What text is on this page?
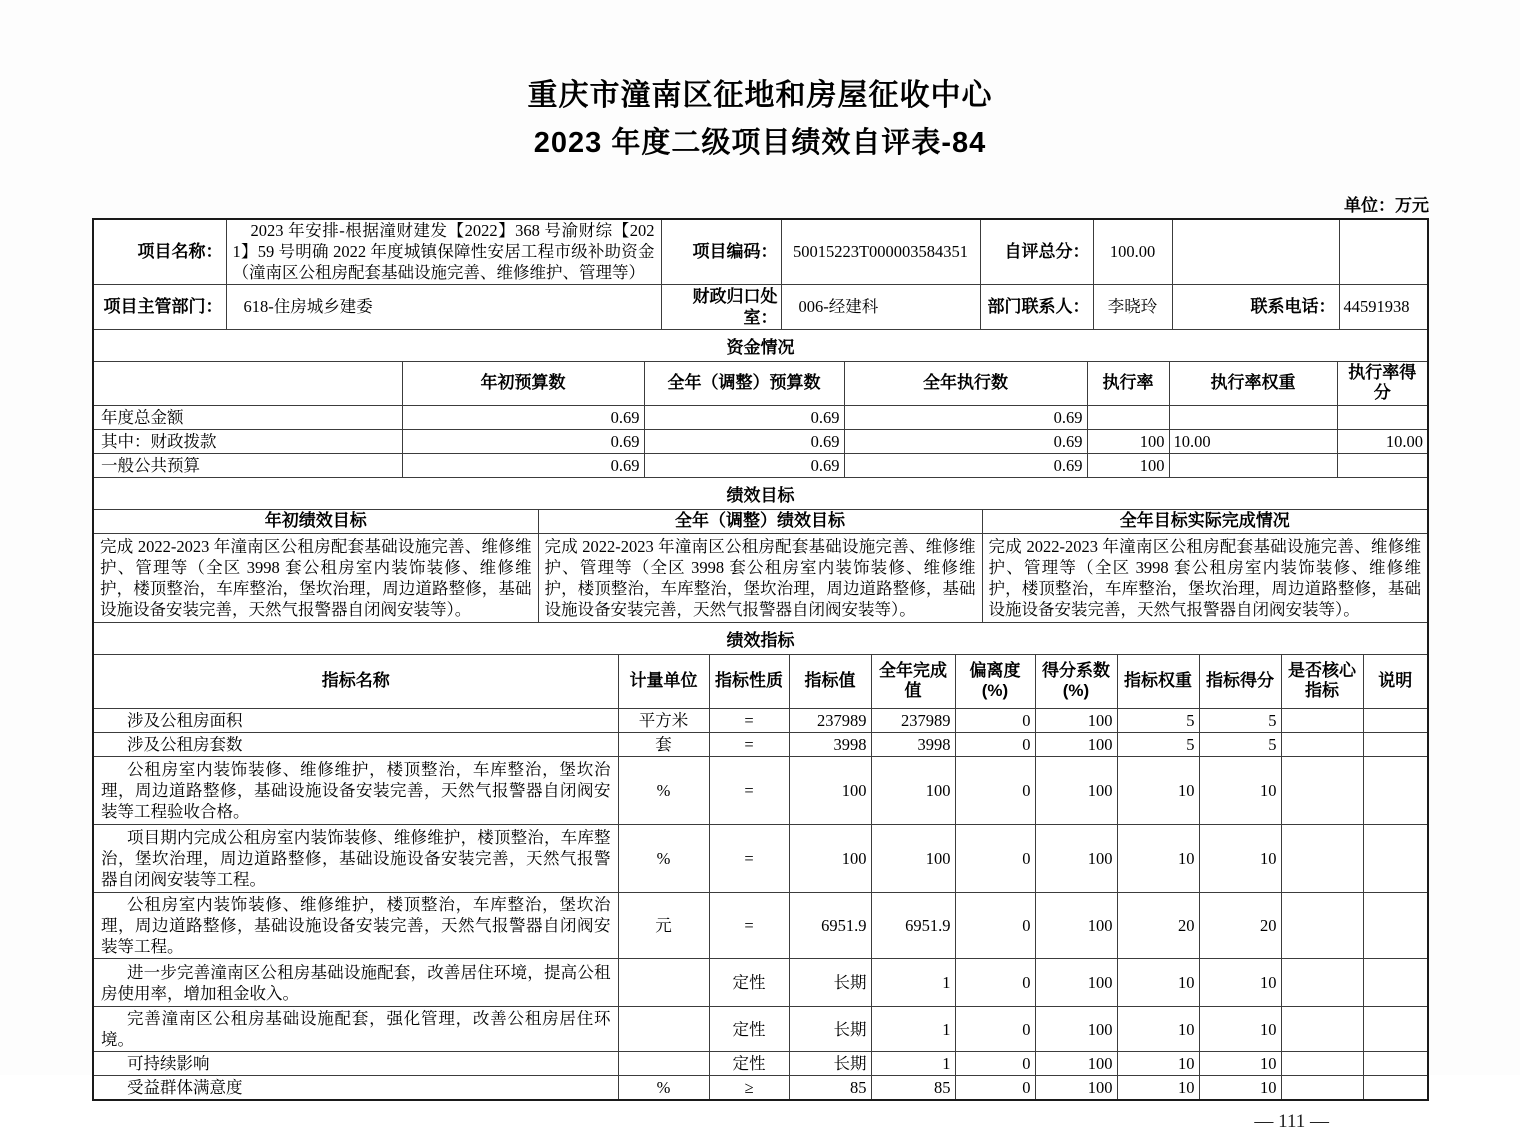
重庆市潼南区征地和房屋征收中心
2023 年度二级项目绩效自评表-84
单位：万元
项目名称：	2023 年安排-根据潼财建发【2022】368 号渝财综【2021】59 号明确 2022 年度城镇保障性安居工程市级补助资金（潼南区公租房配套基础设施完善、维修维护、管理等）	项目编码：	50015223T000003584351	自评总分：	100.00		
项目主管部门：	618-住房城乡建委	财政归口处室：	006-经建科	部门联系人：	李晓玲	联系电话：	44591938
资金情况
	年初预算数	全年（调整）预算数	全年执行数	执行率	执行率权重	执行率得分
年度总金额	0.69	0.69	0.69			
其中：财政拨款	0.69	0.69	0.69	100	10.00	10.00
一般公共预算	0.69	0.69	0.69	100		
绩效目标
年初绩效目标	全年（调整）绩效目标	全年目标实际完成情况
完成 2022-2023 年潼南区公租房配套基础设施完善、维修维护、管理等（全区 3998 套公租房室内装饰装修、维修维护，楼顶整治，车库整治，堡坎治理，周边道路整修，基础设施设备安装完善，天然气报警器自闭阀安装等）。	完成 2022-2023 年潼南区公租房配套基础设施完善、维修维护、管理等（全区 3998 套公租房室内装饰装修、维修维护，楼顶整治，车库整治，堡坎治理，周边道路整修，基础设施设备安装完善，天然气报警器自闭阀安装等）。	完成 2022-2023 年潼南区公租房配套基础设施完善、维修维护、管理等（全区 3998 套公租房室内装饰装修、维修维护，楼顶整治，车库整治，堡坎治理，周边道路整修，基础设施设备安装完善，天然气报警器自闭阀安装等）。
绩效指标
指标名称	计量单位	指标性质	指标值	全年完成值	偏离度(%)	得分系数(%)	指标权重	指标得分	是否核心指标	说明
涉及公租房面积	平方米	=	237989	237989	0	100	5	5		
涉及公租房套数	套	=	3998	3998	0	100	5	5		
公租房室内装饰装修、维修维护，楼顶整治，车库整治，堡坎治理，周边道路整修，基础设施设备安装完善，天然气报警器自闭阀安装等工程验收合格。	%	=	100	100	0	100	10	10		
项目期内完成公租房室内装饰装修、维修维护，楼顶整治，车库整治，堡坎治理，周边道路整修，基础设施设备安装完善，天然气报警器自闭阀安装等工程。	%	=	100	100	0	100	10	10		
公租房室内装饰装修、维修维护，楼顶整治，车库整治，堡坎治理，周边道路整修，基础设施设备安装完善，天然气报警器自闭阀安装等工程。	元	=	6951.9	6951.9	0	100	20	20		
进一步完善潼南区公租房基础设施配套，改善居住环境，提高公租房使用率，增加租金收入。		定性	长期	1	0	100	10	10		
完善潼南区公租房基础设施配套，强化管理，改善公租房居住环境。		定性	长期	1	0	100	10	10		
可持续影响		定性	长期	1	0	100	10	10		
受益群体满意度	%	≥	85	85	0	100	10	10		
— 111 —
